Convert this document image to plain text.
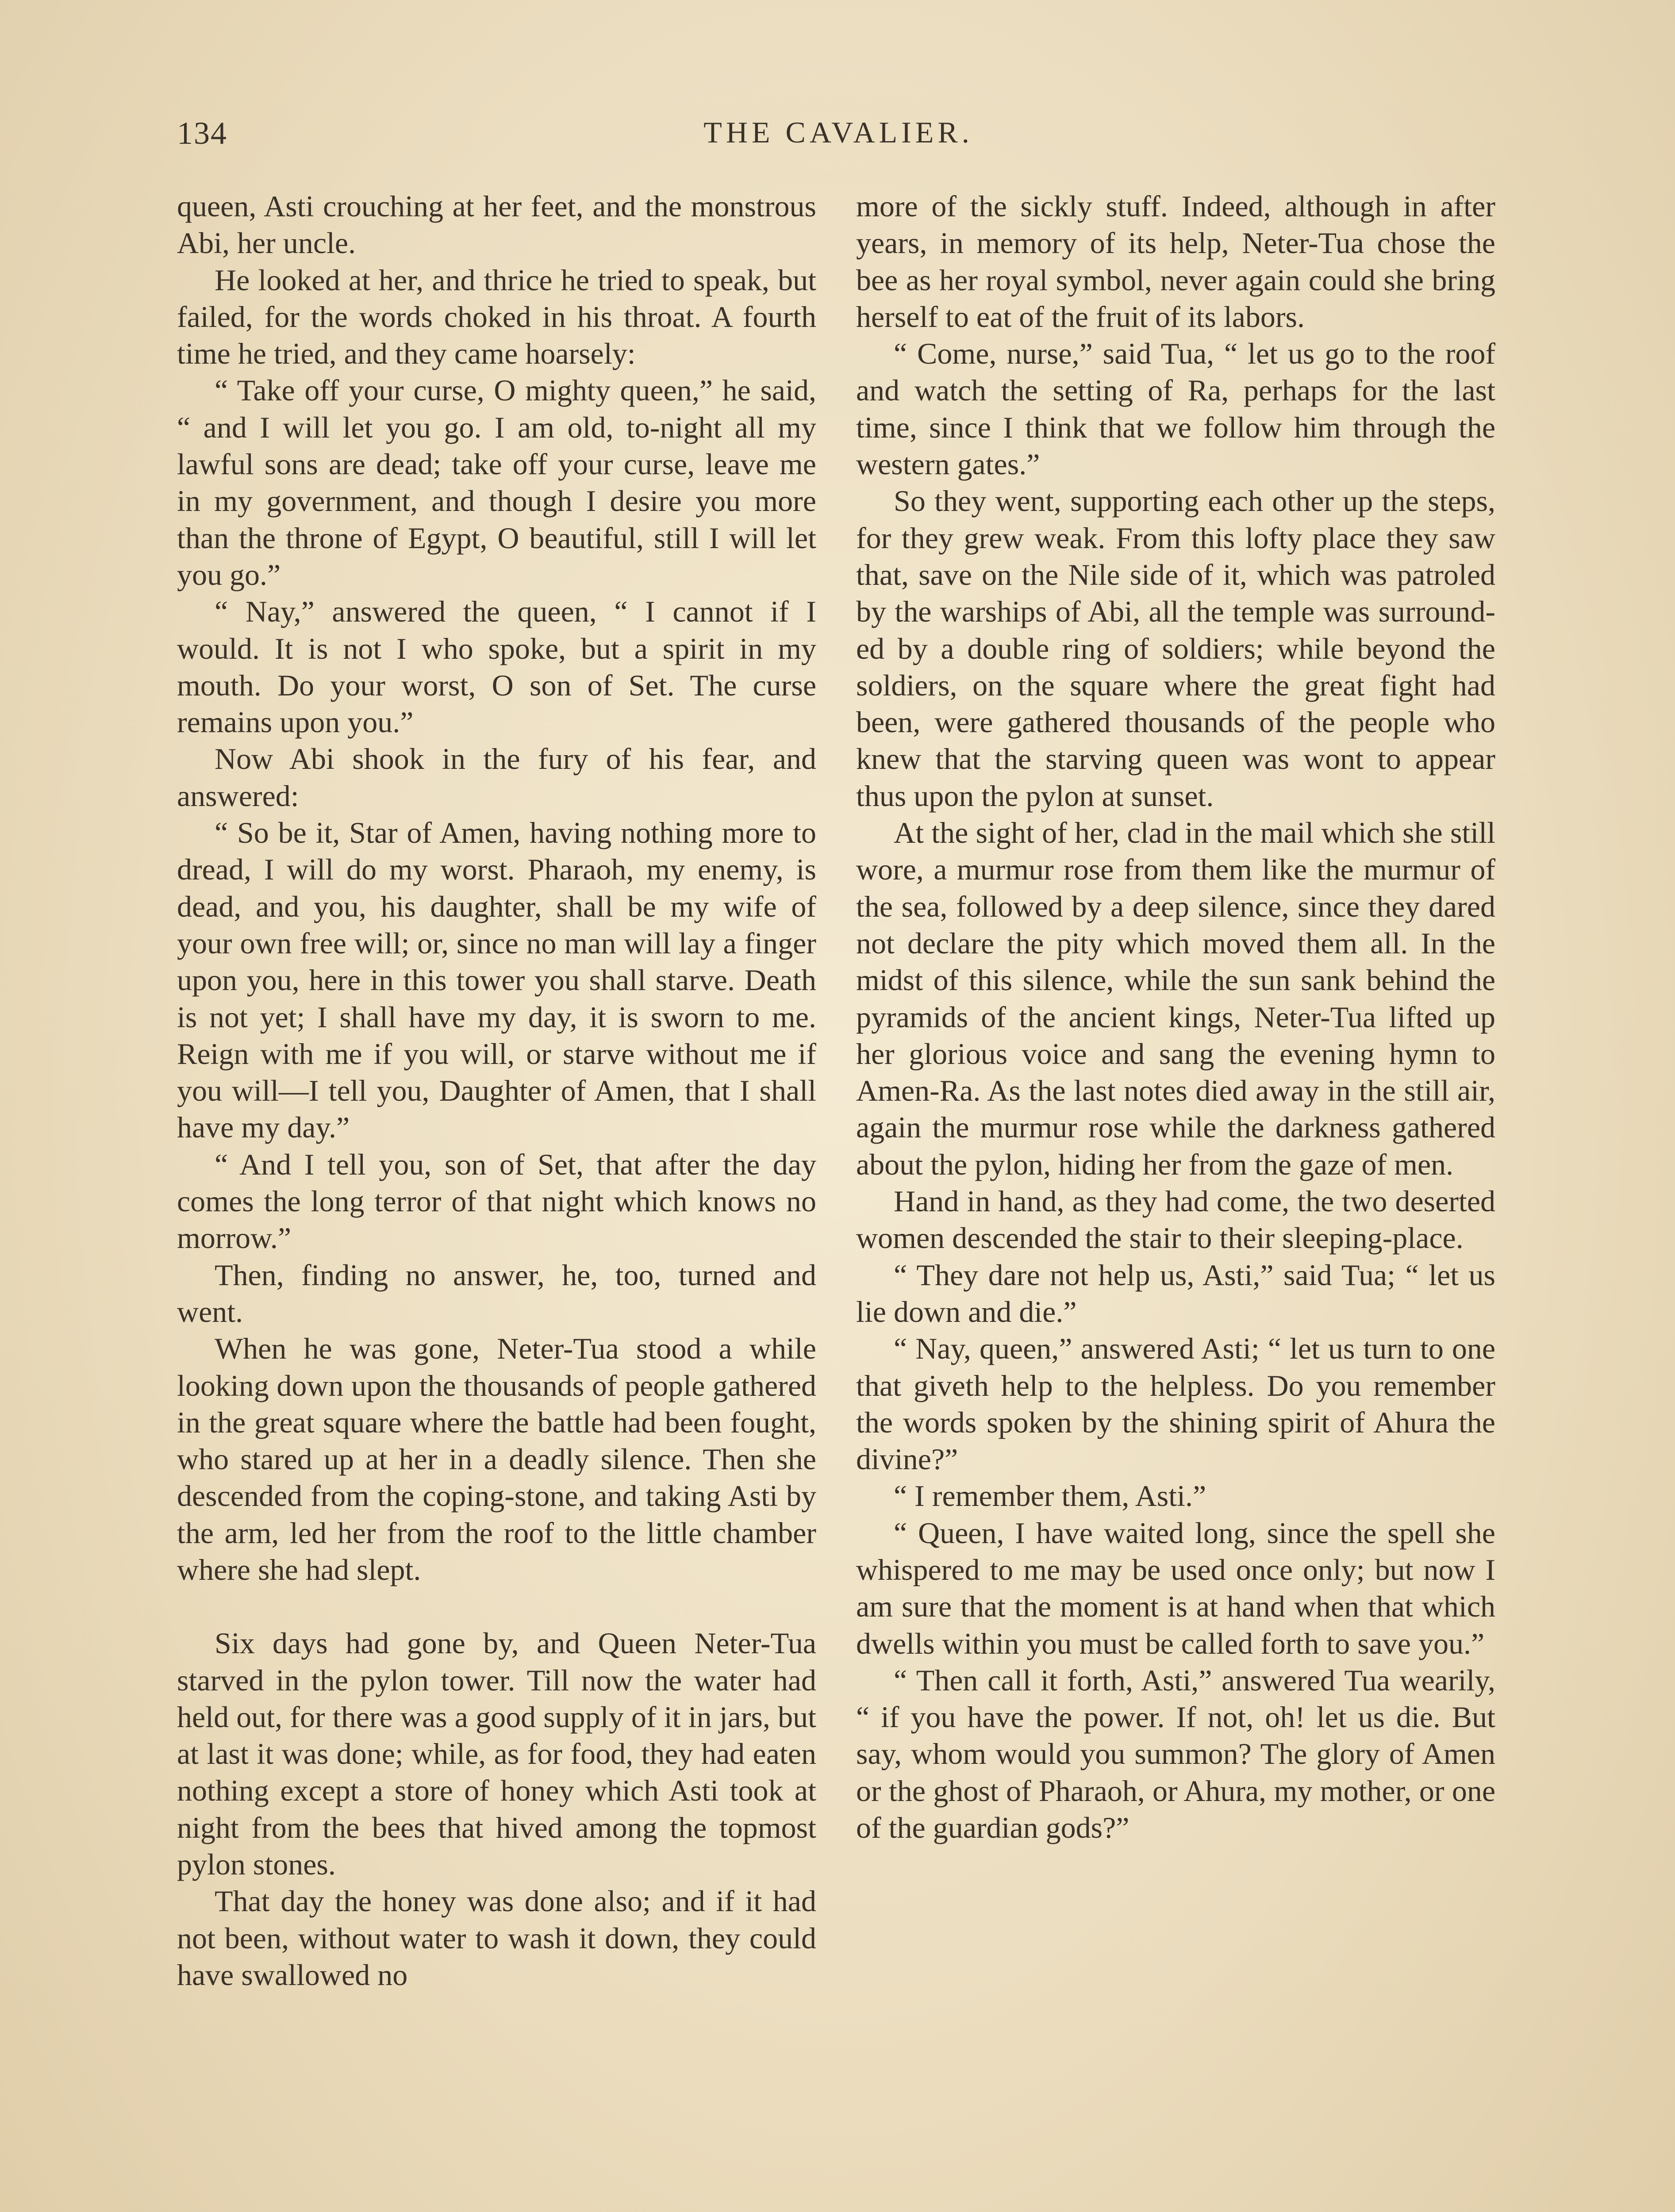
134	THE CAVALIER.

queen, Asti crouching at her feet, and the monstrous Abi, her uncle.

He looked at her, and thrice he tried to speak, but failed, for the words choked in his throat. A fourth time he tried, and they came hoarsely:

“ Take off your curse, O mighty queen,” he said, “ and I will let you go. I am old, to-night all my lawful sons are dead; take off your curse, leave me in my government, and though I desire you more than the throne of Egypt, O beautiful, still I will let you go.”

“ Nay,” answered the queen, “ I cannot if I would. It is not I who spoke, but a spirit in my mouth. Do your worst, O son of Set. The curse remains upon you.”

Now Abi shook in the fury of his fear, and answered:

“ So be it, Star of Amen, having nothing more to dread, I will do my worst. Pharaoh, my enemy, is dead, and you, his daughter, shall be my wife of your own free will; or, since no man will lay a finger upon you, here in this tower you shall starve. Death is not yet; I shall have my day, it is sworn to me. Reign with me if you will, or starve without me if you will—I tell you, Daughter of Amen, that I shall have my day.”

“ And I tell you, son of Set, that after the day comes the long terror of that night which knows no morrow.”

Then, finding no answer, he, too, turned and went.

When he was gone, Neter-Tua stood a while looking down upon the thousands of people gathered in the great square where the battle had been fought, who stared up at her in a deadly silence. Then she descended from the coping-stone, and taking Asti by the arm, led her from the roof to the little chamber where she had slept.

Six days had gone by, and Queen Neter-Tua starved in the pylon tower. Till now the water had held out, for there was a good supply of it in jars, but at last it was done; while, as for food, they had eaten nothing except a store of honey which Asti took at night from the bees that hived among the topmost pylon stones.

That day the honey was done also; and if it had not been, without water to wash it down, they could have swallowed no

more of the sickly stuff. Indeed, although in after years, in memory of its help, Neter-Tua chose the bee as her royal symbol, never again could she bring herself to eat of the fruit of its labors.

“ Come, nurse,” said Tua, “ let us go to the roof and watch the setting of Ra, perhaps for the last time, since I think that we follow him through the western gates.”

So they went, supporting each other up the steps, for they grew weak. From this lofty place they saw that, save on the Nile side of it, which was patroled by the warships of Abi, all the temple was surrounded by a double ring of soldiers; while beyond the soldiers, on the square where the great fight had been, were gathered thousands of the people who knew that the starving queen was wont to appear thus upon the pylon at sunset.

At the sight of her, clad in the mail which she still wore, a murmur rose from them like the murmur of the sea, followed by a deep silence, since they dared not declare the pity which moved them all. In the midst of this silence, while the sun sank behind the pyramids of the ancient kings, Neter-Tua lifted up her glorious voice and sang the evening hymn to Amen-Ra. As the last notes died away in the still air, again the murmur rose while the darkness gathered about the pylon, hiding her from the gaze of men.

Hand in hand, as they had come, the two deserted women descended the stair to their sleeping-place.

“ They dare not help us, Asti,” said Tua; “ let us lie down and die.”

“ Nay, queen,” answered Asti; “ let us turn to one that giveth help to the helpless. Do you remember the words spoken by the shining spirit of Ahura the divine?”

“ I remember them, Asti.”

“ Queen, I have waited long, since the spell she whispered to me may be used once only; but now I am sure that the moment is at hand when that which dwells within you must be called forth to save you.”

“ Then call it forth, Asti,” answered Tua wearily, “ if you have the power. If not, oh! let us die. But say, whom would you summon? The glory of Amen or the ghost of Pharaoh, or Ahura, my mother, or one of the guardian gods?”
